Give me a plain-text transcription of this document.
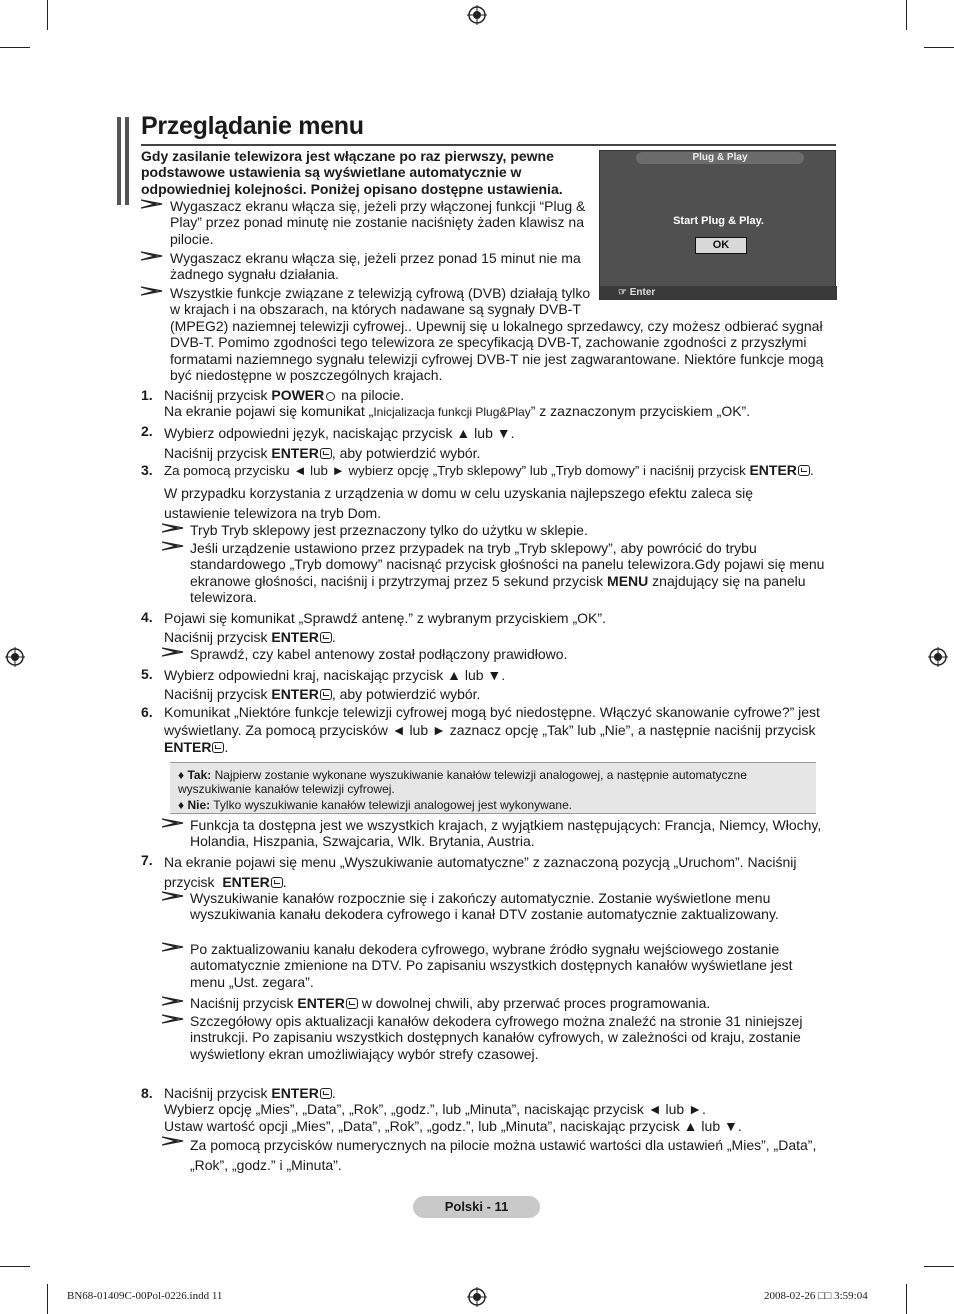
Przeglądanie menu
Gdy zasilanie telewizora jest włączane po raz pierwszy, pewne podstawowe ustawienia są wyświetlane automatycznie w odpowiedniej kolejności. Poniżej opisano dostępne ustawienia.
Plug & Play
Start Plug & Play.
OK
☞ Enter
Wygaszacz ekranu włącza się, jeżeli przy włączonej funkcji “Plug & Play” przez ponad minutę nie zostanie naciśnięty żaden klawisz na pilocie.
Wygaszacz ekranu włącza się, jeżeli przez ponad 15 minut nie ma żadnego sygnału działania.
Wszystkie funkcje związane z telewizją cyfrową (DVB) działają tylko w krajach i na obszarach, na których nadawane są sygnały DVB-T
(MPEG2) naziemnej telewizji cyfrowej.. Upewnij się u lokalnego sprzedawcy, czy możesz odbierać sygnał DVB-T. Pomimo zgodności tego telewizora ze specyfikacją DVB-T, zachowanie zgodności z przyszłymi formatami naziemnego sygnału telewizji cyfrowej DVB-T nie jest zagwarantowane. Niektóre funkcje mogą być niedostępne w poszczególnych krajach.
1. Naciśnij przycisk POWER na pilocie.
Na ekranie pojawi się komunikat „Inicjalizacja funkcji Plug&Play” z zaznaczonym przyciskiem „OK”.
2. Wybierz odpowiedni język, naciskając przycisk ▲ lub ▼.
Naciśnij przycisk ENTER , aby potwierdzić wybór.
3. Za pomocą przycisku ◄ lub ► wybierz opcję „Tryb sklepowy” lub „Tryb domowy” i naciśnij przycisk ENTER .
W przypadku korzystania z urządzenia w domu w celu uzyskania najlepszego efektu zaleca się ustawienie telewizora na tryb Dom.
Tryb Tryb sklepowy jest przeznaczony tylko do użytku w sklepie.
Jeśli urządzenie ustawiono przez przypadek na tryb „Tryb sklepowy”, aby powrócić do trybu standardowego „Tryb domowy” nacisnąć przycisk głośności na panelu telewizora.Gdy pojawi się menu ekranowe głośności, naciśnij i przytrzymaj przez 5 sekund przycisk MENU znajdujący się na panelu telewizora.
4. Pojawi się komunikat „Sprawdź antenę.” z wybranym przyciskiem „OK”.
Naciśnij przycisk ENTER .
Sprawdź, czy kabel antenowy został podłączony prawidłowo.
5. Wybierz odpowiedni kraj, naciskając przycisk ▲ lub ▼.
Naciśnij przycisk ENTER , aby potwierdzić wybór.
6. Komunikat „Niektóre funkcje telewizji cyfrowej mogą być niedostępne. Włączyć skanowanie cyfrowe?” jest wyświetlany. Za pomocą przycisków ◄ lub ► zaznacz opcję „Tak” lub „Nie”, a następnie naciśnij przycisk
ENTER .
♦ Tak: Najpierw zostanie wykonane wyszukiwanie kanałów telewizji analogowej, a następnie automatyczne wyszukiwanie kanałów telewizji cyfrowej.
♦ Nie: Tylko wyszukiwanie kanałów telewizji analogowej jest wykonywane.
Funkcja ta dostępna jest we wszystkich krajach, z wyjątkiem następujących: Francja, Niemcy, Włochy, Holandia, Hiszpania, Szwajcaria, Wlk. Brytania, Austria.
7. Na ekranie pojawi się menu „Wyszukiwanie automatyczne” z zaznaczoną pozycją „Uruchom”. Naciśnij
przycisk  ENTER .
Wyszukiwanie kanałów rozpocznie się i zakończy automatycznie. Zostanie wyświetlone menu wyszukiwania kanału dekodera cyfrowego i kanał DTV zostanie automatycznie zaktualizowany.
Po zaktualizowaniu kanału dekodera cyfrowego, wybrane źródło sygnału wejściowego zostanie automatycznie zmienione na DTV. Po zapisaniu wszystkich dostępnych kanałów wyświetlane jest menu „Ust. zegara”.
Naciśnij przycisk ENTER w dowolnej chwili, aby przerwać proces programowania.
Szczegółowy opis aktualizacji kanałów dekodera cyfrowego można znaleźć na stronie 31 niniejszej instrukcji. Po zapisaniu wszystkich dostępnych kanałów cyfrowych, w zależności od kraju, zostanie wyświetlony ekran umożliwiający wybór strefy czasowej.
8. Naciśnij przycisk ENTER .
Wybierz opcję „Mies”, „Data”, „Rok”, „godz.”, lub „Minuta”, naciskając przycisk ◄ lub ►.
Ustaw wartość opcji „Mies”, „Data”, „Rok”, „godz.”, lub „Minuta”, naciskając przycisk ▲ lub ▼.
Za pomocą przycisków numerycznych na pilocie można ustawić wartości dla ustawień „Mies”, „Data”, „Rok”, „godz.” i „Minuta”.
Polski - 11
BN68-01409C-00Pol-0226.indd 11	2008-02-26 □□ 3:59:04
